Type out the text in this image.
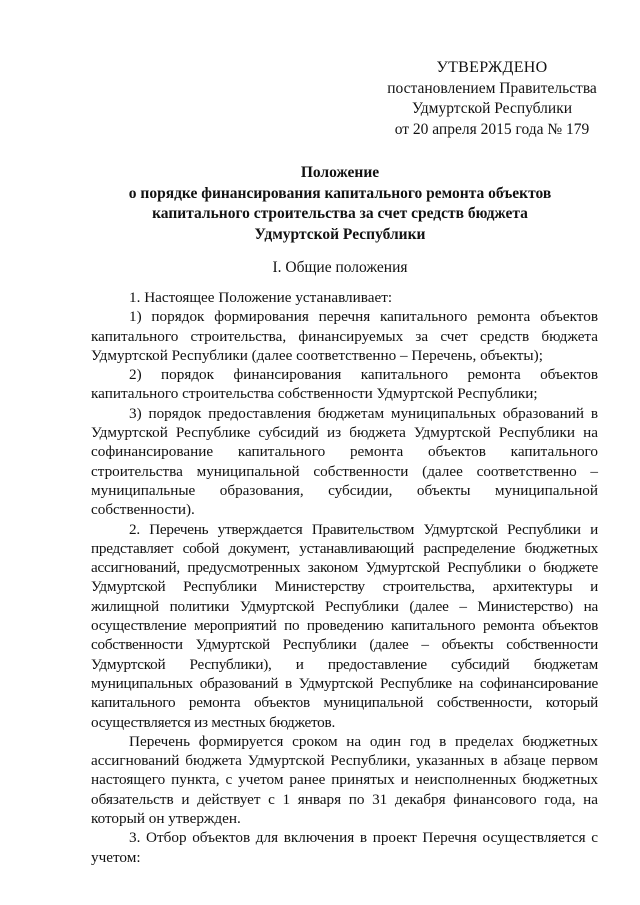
УТВЕРЖДЕНО
постановлением Правительства
Удмуртской Республики
от 20 апреля 2015 года № 179
Положение
о порядке финансирования капитального ремонта объектов
капитального строительства за счет средств бюджета
Удмуртской Республики
I. Общие положения

1. Настоящее Положение устанавливает:

1) порядок формирования перечня капитального ремонта объектов капитального строительства, финансируемых за счет средств бюджета Удмуртской Республики (далее соответственно – Перечень, объекты);

2) порядок финансирования капитального ремонта объектов капитального строительства собственности Удмуртской Республики;

3) порядок предоставления бюджетам муниципальных образований в Удмуртской Республике субсидий из бюджета Удмуртской Республики на софинансирование капитального ремонта объектов капитального строительства муниципальной собственности (далее соответственно – муниципальные образования, субсидии, объекты муниципальной собственности).

2. Перечень утверждается Правительством Удмуртской Республики и представляет собой документ, устанавливающий распределение бюджетных ассигнований, предусмотренных законом Удмуртской Республики о бюджете Удмуртской Республики Министерству строительства, архитектуры и жилищной политики Удмуртской Республики (далее – Министерство) на осуществление мероприятий по проведению капитального ремонта объектов собственности Удмуртской Республики (далее – объекты собственности Удмуртской Республики), и предоставление субсидий бюджетам муниципальных образований в Удмуртской Республике на софинансирование капитального ремонта объектов муниципальной собственности, который осуществляется из местных бюджетов.

Перечень формируется сроком на один год в пределах бюджетных ассигнований бюджета Удмуртской Республики, указанных в абзаце первом настоящего пункта, с учетом ранее принятых и неисполненных бюджетных обязательств и действует с 1 января по 31 декабря финансового года, на который он утвержден.

3. Отбор объектов для включения в проект Перечня осуществляется с учетом:
